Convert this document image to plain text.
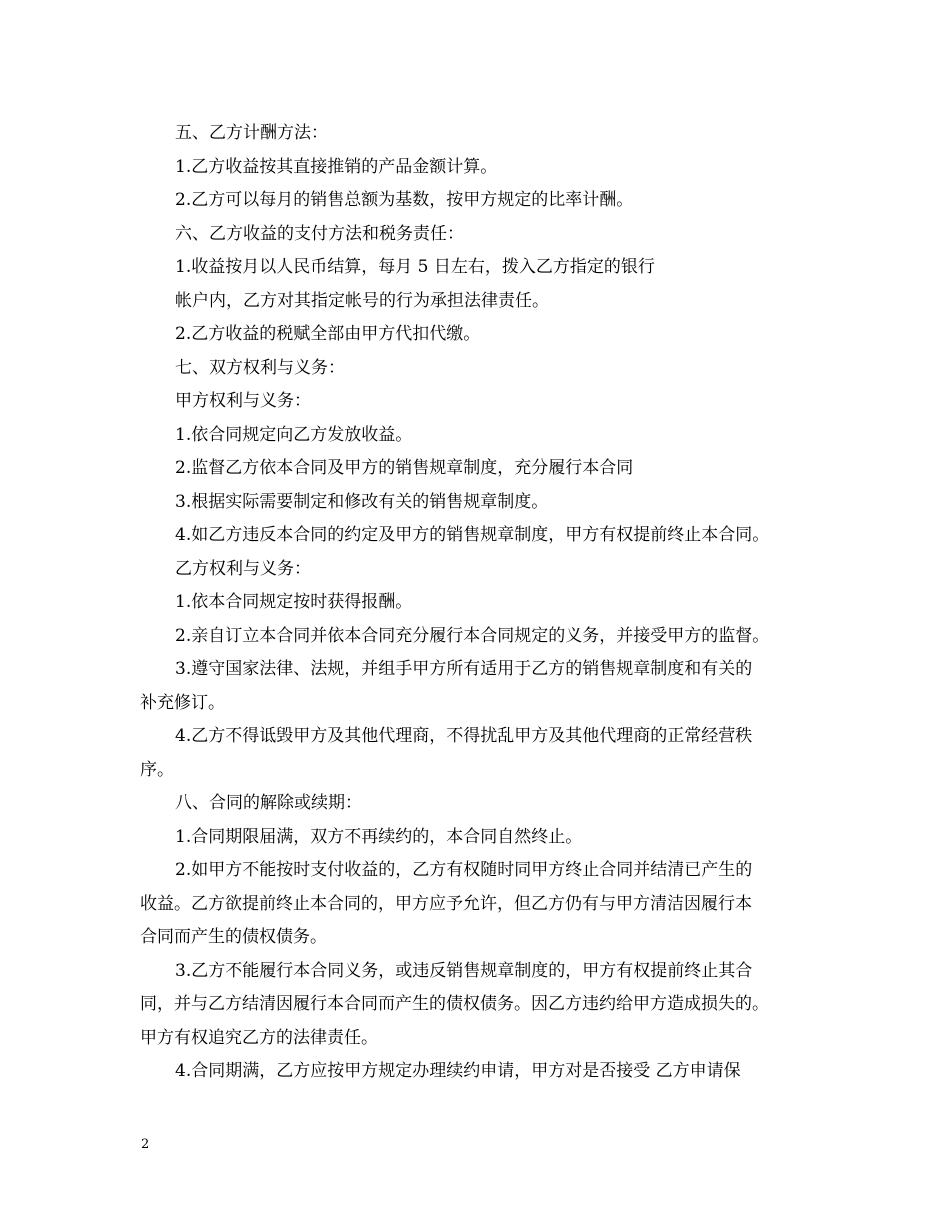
五、乙方计酬方法：
1.乙方收益按其直接推销的产品金额计算。
2.乙方可以每月的销售总额为基数，按甲方规定的比率计酬。
六、乙方收益的支付方法和税务责任：
1.收益按月以人民币结算，每月 5 日左右，拨入乙方指定的银行
帐户内，乙方对其指定帐号的行为承担法律责任。
2.乙方收益的税赋全部由甲方代扣代缴。
七、双方权利与义务：
甲方权利与义务：
1.依合同规定向乙方发放收益。
2.监督乙方依本合同及甲方的销售规章制度，充分履行本合同
3.根据实际需要制定和修改有关的销售规章制度。
4.如乙方违反本合同的约定及甲方的销售规章制度，甲方有权提前终止本合同。
乙方权利与义务：
1.依本合同规定按时获得报酬。
2.亲自订立本合同并依本合同充分履行本合同规定的义务，并接受甲方的监督。
3.遵守国家法律、法规，并组手甲方所有适用于乙方的销售规章制度和有关的
补充修订。
4.乙方不得诋毁甲方及其他代理商，不得扰乱甲方及其他代理商的正常经营秩
序。
八、合同的解除或续期：
1.合同期限届满，双方不再续约的，本合同自然终止。
2.如甲方不能按时支付收益的，乙方有权随时同甲方终止合同并结清已产生的
收益。乙方欲提前终止本合同的，甲方应予允许，但乙方仍有与甲方清洁因履行本
合同而产生的债权债务。
3.乙方不能履行本合同义务，或违反销售规章制度的，甲方有权提前终止其合
同，并与乙方结清因履行本合同而产生的债权债务。因乙方违约给甲方造成损失的。
甲方有权追究乙方的法律责任。
4.合同期满，乙方应按甲方规定办理续约申请，甲方对是否接受 乙方申请保
2
